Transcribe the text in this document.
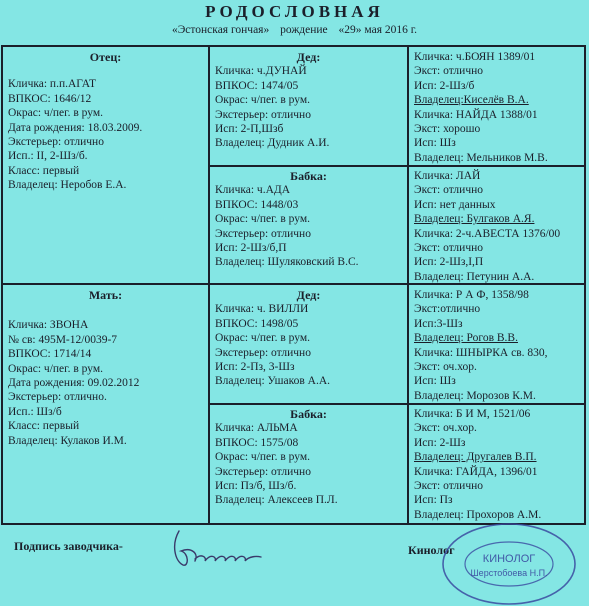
РОДОСЛОВНАЯ
«Эстонская гончая» рождение «29» мая 2016 г.
Отец:
Кличка: п.п.АГАТ
ВПКОС: 1646/12
Окрас: ч/пег. в рум.
Дата рождения: 18.03.2009.
Экстерьер: отлично
Исп.: II, 2-Шз/б.
Класс: первый
Владелец: Неробов Е.А.
Мать:
Кличка: ЗВОНА
№ св: 495М-12/0039-7
ВПКОС: 1714/14
Окрас: ч/пег. в рум.
Дата рождения: 09.02.2012
Экстерьер: отлично.
Исп.: Шз/б
Класс: первый
Владелец: Кулаков И.М.
Дед:
Кличка: ч.ДУНАЙ
ВПКОС: 1474/05
Окрас: ч/пег. в рум.
Экстерьер: отлично
Исп: 2-П,Шзб
Владелец: Дудник А.И.
Бабка:
Кличка: ч.АДА
ВПКОС: 1448/03
Окрас: ч/пег. в рум.
Экстерьер: отлично
Исп: 2-Шз/б,П
Владелец: Шуляковский В.С.
Дед:
Кличка: ч. ВИЛЛИ
ВПКОС: 1498/05
Окрас: ч/пег. в рум.
Экстерьер: отлично
Исп: 2-Пз, 3-Шз
Владелец: Ушаков А.А.
Бабка:
Кличка: АЛЬМА
ВПКОС: 1575/08
Окрас: ч/пег. в рум.
Экстерьер: отлично
Исп: Пз/б, Шз/б.
Владелец: Алексеев П.Л.
Кличка: ч.БОЯН 1389/01
Экст: отлично
Исп: 2-Шз/б
Владелец:Киселёв В.А.
Кличка: НАЙДА 1388/01
Экст: хорошо
Исп: Шз
Владелец: Мельников М.В.
Кличка: ЛАЙ
Экст: отлично
Исп: нет данных
Владелец: Булгаков А.Я.
Кличка: 2-ч.АВЕСТА 1376/00
Экст: отлично
Исп: 2-Шз,І,П
Владелец: Петунин А.А.
Кличка: Р А Ф, 1358/98
Экст:отлично
Исп:3-Шз
Владелец: Рогов В.В.
Кличка: ШНЫРКА св. 830,
Экст: оч.хор.
Исп: Шз
Владелец: Морозов К.М.
Кличка: Б И М, 1521/06
Экст: оч.хор.
Исп: 2-Шз
Владелец: Другалев В.П.
Кличка: ГАЙДА, 1396/01
Экст: отлично
Исп: Пз
Владелец: Прохоров А.М.
Подпись заводчика-	Кинолог
КИНОЛОГ
Шерстобоева Н.П.
